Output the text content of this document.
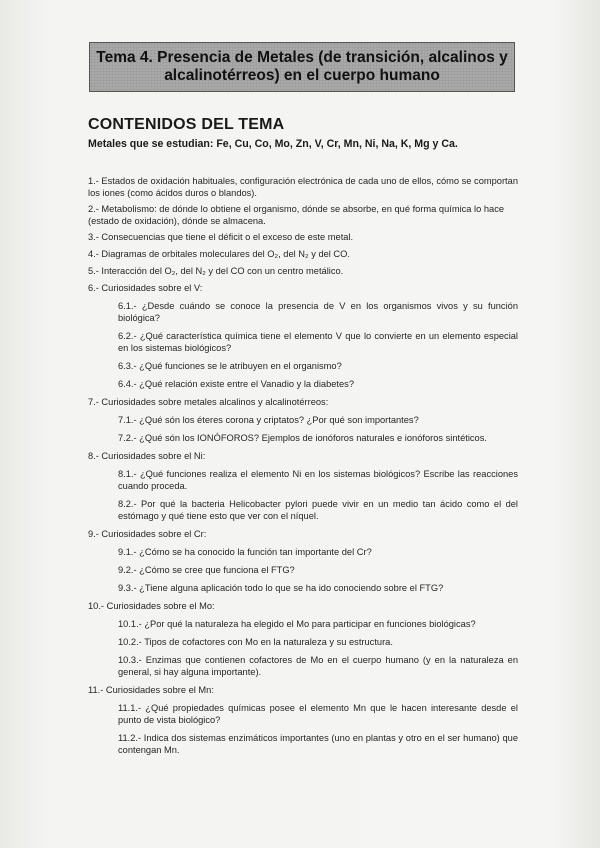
Tema 4. Presencia de Metales (de transición, alcalinos y alcalinotérreos) en el cuerpo humano
CONTENIDOS DEL TEMA
Metales que se estudian: Fe, Cu, Co, Mo, Zn, V, Cr, Mn, Ni, Na, K, Mg y Ca.

1.- Estados de oxidación habituales, configuración electrónica de cada uno de ellos, cómo se comportan los iones (como ácidos duros o blandos).

2.- Metabolismo: de dónde lo obtiene el organismo, dónde se absorbe, en qué forma química lo hace (estado de oxidación), dónde se almacena.

3.- Consecuencias que tiene el déficit o el exceso de este metal.

4.- Diagramas de orbitales moleculares del O₂, del N₂ y del CO.

5.- Interacción del O₂, del N₂ y del CO con un centro metálico.

6.- Curiosidades sobre el V:

6.1.- ¿Desde cuándo se conoce la presencia de V en los organismos vivos y su función biológica?

6.2.- ¿Qué característica química tiene el elemento V que lo convierte en un elemento especial en los sistemas biológicos?

6.3.- ¿Qué funciones se le atribuyen en el organismo?

6.4.- ¿Qué relación existe entre el Vanadio y la diabetes?

7.- Curiosidades sobre metales alcalinos y alcalinotérreos:

7.1.- ¿Qué són los éteres corona y criptatos? ¿Por qué son importantes?

7.2.- ¿Qué són los IONÓFOROS? Ejemplos de ionóforos naturales e ionóforos sintéticos.

8.- Curiosidades sobre el Ni:

8.1.- ¿Qué funciones realiza el elemento Ni en los sistemas biológicos? Escribe las reacciones cuando proceda.

8.2.- Por qué la bacteria Helicobacter pylori puede vivir en un medio tan ácido como el del estómago y qué tiene esto que ver con el níquel.

9.- Curiosidades sobre el Cr:

9.1.- ¿Cómo se ha conocido la función tan importante del Cr?

9.2.- ¿Cómo se cree que funciona el FTG?

9.3.- ¿Tiene alguna aplicación todo lo que se ha ido conociendo sobre el FTG?

10.- Curiosidades sobre el Mo:

10.1.- ¿Por qué la naturaleza ha elegido el Mo para participar en funciones biológicas?

10.2.- Tipos de cofactores con Mo en la naturaleza y su estructura.

10.3.- Enzimas que contienen cofactores de Mo en el cuerpo humano (y en la naturaleza en general, si hay alguna importante).

11.- Curiosidades sobre el Mn:

11.1.- ¿Qué propiedades químicas posee el elemento Mn que le hacen interesante desde el punto de vista biológico?

11.2.- Indica dos sistemas enzimáticos importantes (uno en plantas y otro en el ser humano) que contengan Mn.
